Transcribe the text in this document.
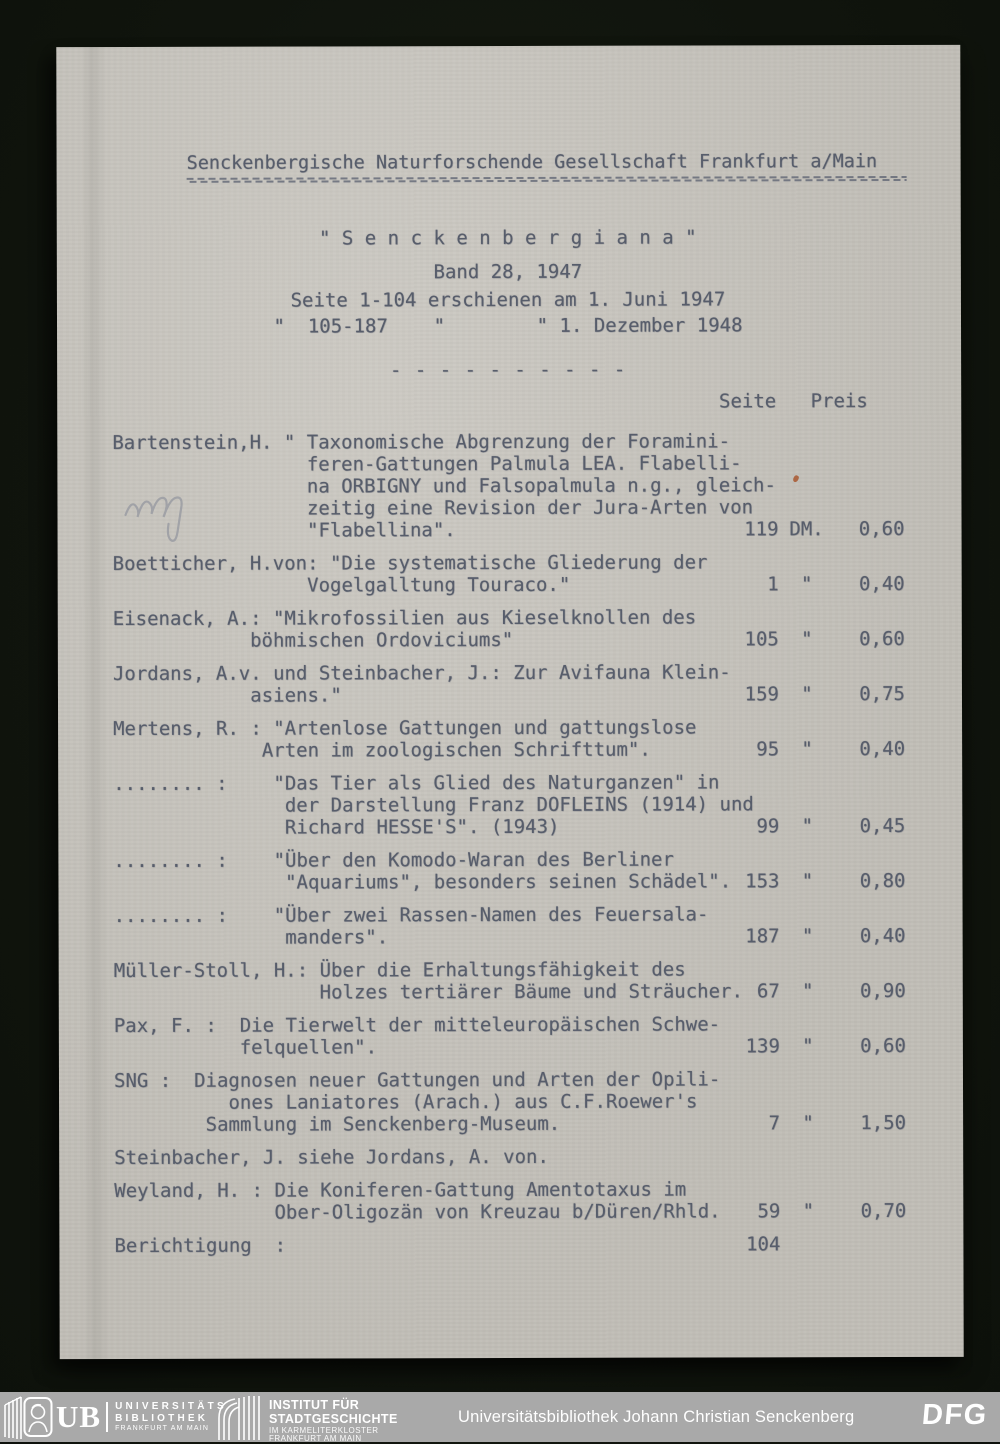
Senckenbergische Naturforschende Gesellschaft Frankfurt a/Main
" S e n c k e n b e r g i a n a "
Band 28, 1947
Seite 1-104 erschienen am 1. Juni 1947
"  105-187    "        " 1. Dezember 1948
- - - - - - - - - -
Seite	Preis
Bartenstein,H. " Taxonomische Abgrenzung der Foramini-
feren-Gattungen Palmula LEA. Flabelli-
na ORBIGNY und Falsopalmula n.g., gleich-
zeitig eine Revision der Jura-Arten von
"Flabellina".	119 DM.	0,60
Boetticher, H.von: "Die systematische Gliederung der
Vogelgalltung Touraco."	1	"	0,40
Eisenack, A.: "Mikrofossilien aus Kieselknollen des
böhmischen Ordoviciums"	105	"	0,60
Jordans, A.v. und Steinbacher, J.: Zur Avifauna Klein-
asiens."	159	"	0,75
Mertens, R. : "Artenlose Gattungen und gattungslose
Arten im zoologischen Schrifttum".	95	"	0,40
........ :    "Das Tier als Glied des Naturganzen" in
der Darstellung Franz DOFLEINS (1914) und
Richard HESSE'S". (1943)	99	"	0,45
........ :    "Über den Komodo-Waran des Berliner
"Aquariums", besonders seinen Schädel". 153	"	0,80
........ :    "Über zwei Rassen-Namen des Feuersala-
manders".	187	"	0,40
Müller-Stoll, H.: Über die Erhaltungsfähigkeit des
Holzes tertiärer Bäume und Sträucher. 67	"	0,90
Pax, F. :  Die Tierwelt der mitteleuropäischen Schwe-
felquellen".	139	"	0,60
SNG :  Diagnosen neuer Gattungen und Arten der Opili-
ones Laniatores (Arach.) aus C.F.Roewer's
Sammlung im Senckenberg-Museum.	7	"	1,50
Steinbacher, J. siehe Jordans, A. von.
Weyland, H. : Die Koniferen-Gattung Amentotaxus im
Ober-Oligozän von Kreuzau b/Düren/Rhld.	59	"	0,70
Berichtigung  :	104
UB UNIVERSITÄTS
BIBLIOTHEK
FRANKFURT AM MAIN
INSTITUT FÜR
STADTGESCHICHTE
IM KARMELITERKLOSTER
FRANKFURT AM MAIN
Universitätsbibliothek Johann Christian Senckenberg DFG
